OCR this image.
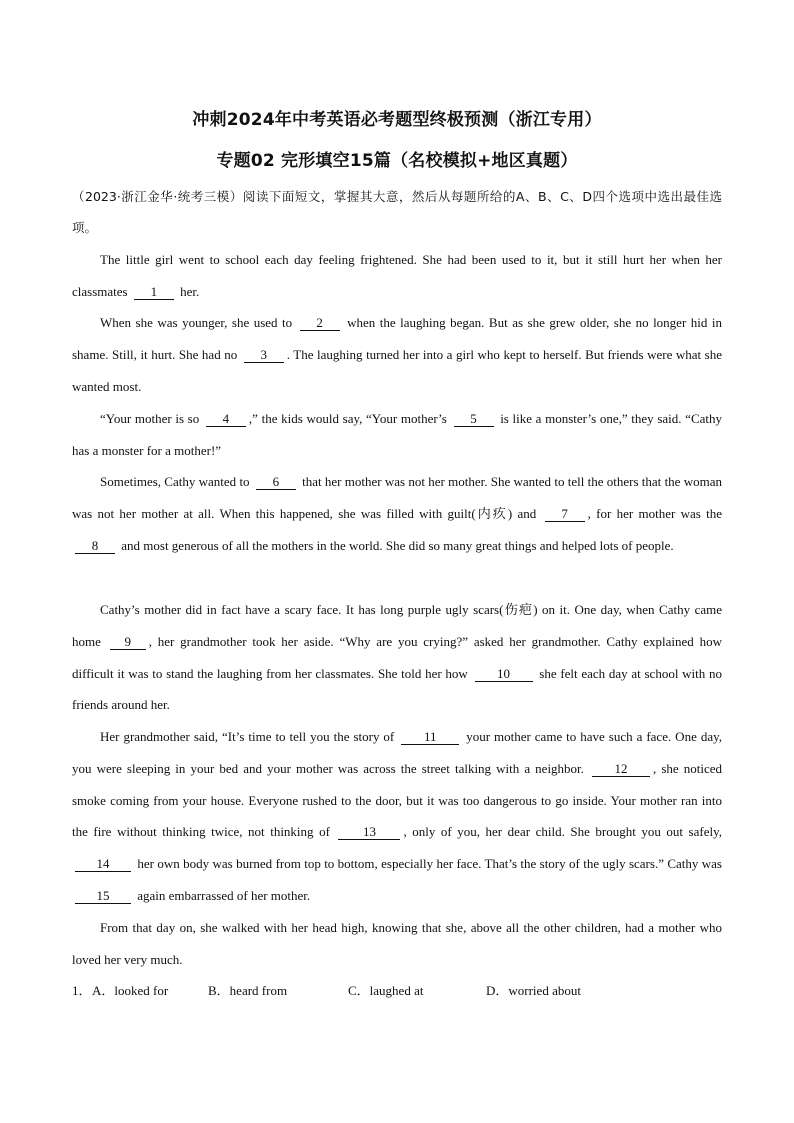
冲刺2024年中考英语必考题型终极预测（浙江专用）
专题02 完形填空15篇（名校模拟+地区真题）

（2023·浙江金华·统考三模）阅读下面短文，掌握其大意，然后从每题所给的A、B、C、D四个选项中选出最佳选项。

The little girl went to school each day feeling frightened. She had been used to it, but it still hurt her when her classmates 1 her.

When she was younger, she used to 2 when the laughing began. But as she grew older, she no longer hid in shame. Still, it hurt. She had no 3 . The laughing turned her into a girl who kept to herself. But friends were what she wanted most.

“Your mother is so 4 ,” the kids would say, “Your mother’s 5 is like a monster’s one,” they said. “Cathy has a monster for a mother!”

Sometimes, Cathy wanted to 6 that her mother was not her mother. She wanted to tell the others that the woman was not her mother at all. When this happened, she was filled with guilt(内疚) and 7 , for her mother was the 8 and most generous of all the mothers in the world. She did so many great things and helped lots of people.

Cathy’s mother did in fact have a scary face. It has long purple ugly scars(伤疤) on it. One day, when Cathy came home 9 , her grandmother took her aside. “Why are you crying?” asked her grandmother. Cathy explained how difficult it was to stand the laughing from her classmates. She told her how 10 she felt each day at school with no friends around her.

Her grandmother said, “It’s time to tell you the story of 11 your mother came to have such a face. One day, you were sleeping in your bed and your mother was across the street talking with a neighbor. 12 , she noticed smoke coming from your house. Everyone rushed to the door, but it was too dangerous to go inside. Your mother ran into the fire without thinking twice, not thinking of 13 , only of you, her dear child. She brought you out safely, 14 her own body was burned from top to bottom, especially her face. That’s the story of the ugly scars.” Cathy was 15 again embarrassed of her mother.

From that day on, she walked with her head high, knowing that she, above all the other children, had a mother who loved her very much.

1．A．looked for	B．heard from	C．laughed at	D．worried about
